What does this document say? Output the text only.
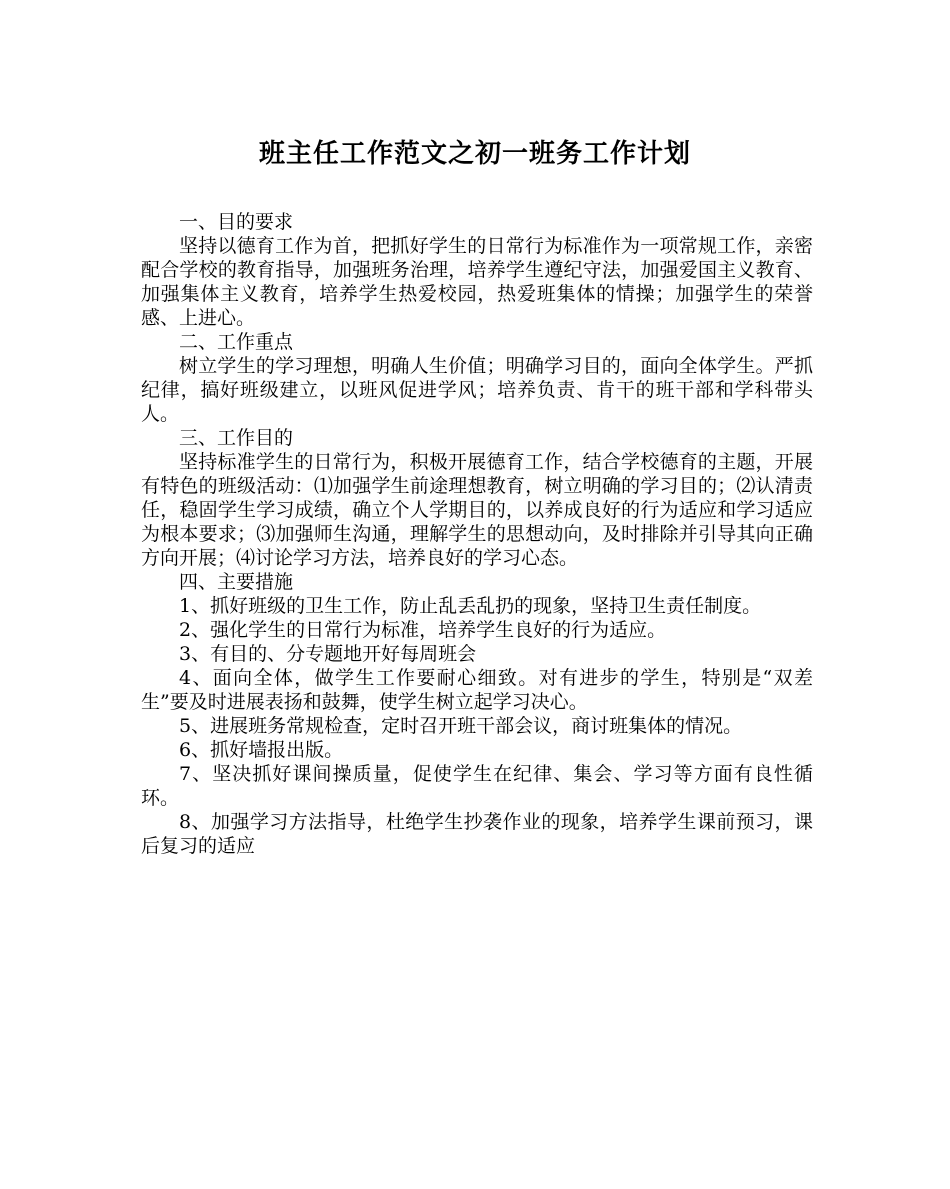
班主任工作范文之初一班务工作计划

一、目的要求

坚持以德育工作为首，把抓好学生的日常行为标准作为一项常规工作，亲密配合学校的教育指导，加强班务治理，培养学生遵纪守法，加强爱国主义教育、加强集体主义教育，培养学生热爱校园，热爱班集体的情操；加强学生的荣誉感、上进心。

二、工作重点

树立学生的学习理想，明确人生价值；明确学习目的，面向全体学生。严抓纪律，搞好班级建立，以班风促进学风；培养负责、肯干的班干部和学科带头人。

三、工作目的

坚持标准学生的日常行为，积极开展德育工作，结合学校德育的主题，开展有特色的班级活动：⑴加强学生前途理想教育，树立明确的学习目的；⑵认清责任，稳固学生学习成绩，确立个人学期目的，以养成良好的行为适应和学习适应为根本要求；⑶加强师生沟通，理解学生的思想动向，及时排除并引导其向正确方向开展；⑷讨论学习方法，培养良好的学习心态。

四、主要措施

1、抓好班级的卫生工作，防止乱丢乱扔的现象，坚持卫生责任制度。

2、强化学生的日常行为标准，培养学生良好的行为适应。

3、有目的、分专题地开好每周班会

4、面向全体，做学生工作要耐心细致。对有进步的学生，特别是“双差生”要及时进展表扬和鼓舞，使学生树立起学习决心。

5、进展班务常规检查，定时召开班干部会议，商讨班集体的情况。

6、抓好墙报出版。

7、坚决抓好课间操质量，促使学生在纪律、集会、学习等方面有良性循环。

8、加强学习方法指导，杜绝学生抄袭作业的现象，培养学生课前预习，课后复习的适应
